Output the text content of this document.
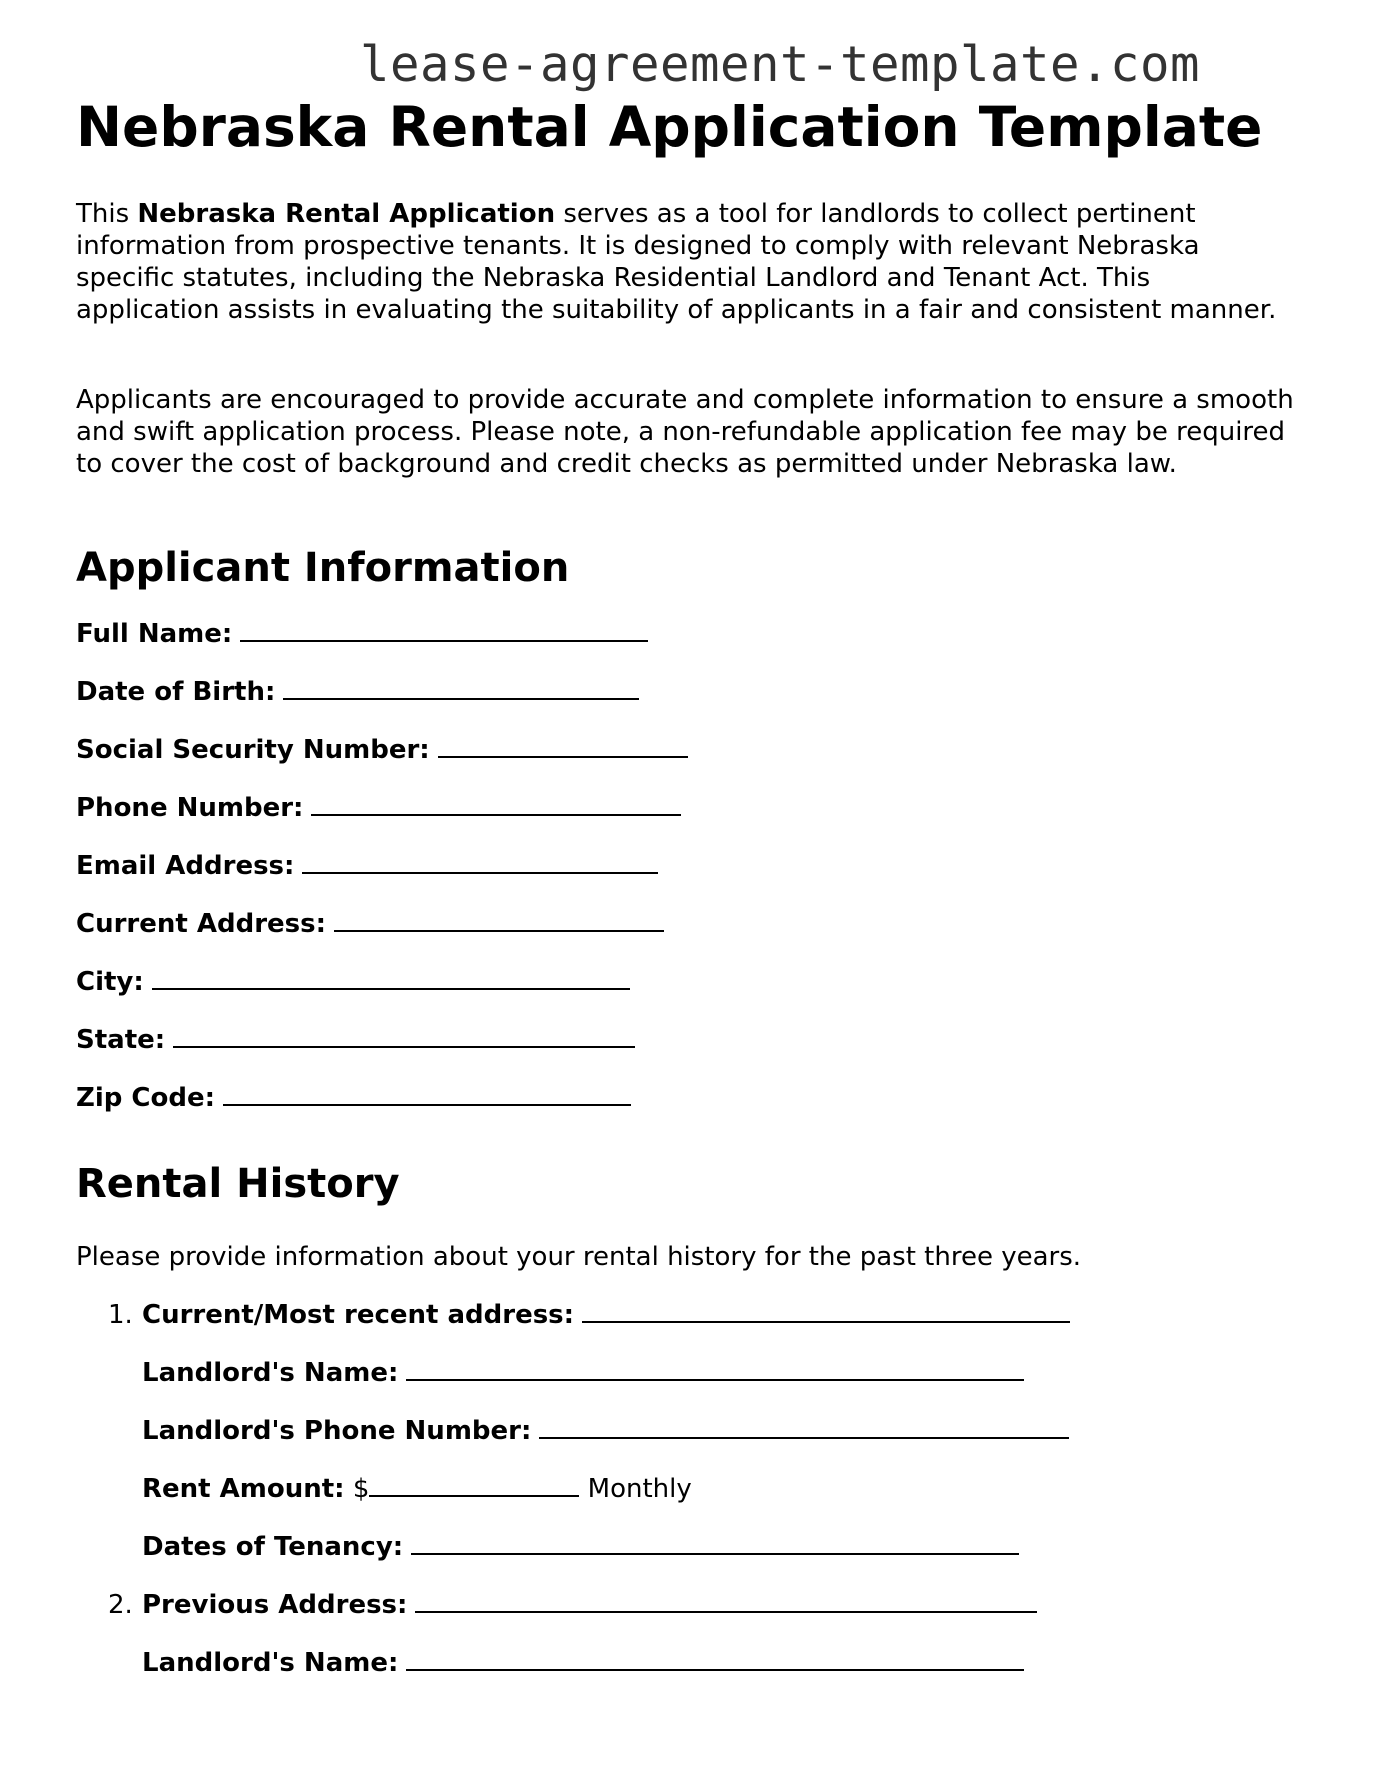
lease-agreement-template.com
Nebraska Rental Application Template

This Nebraska Rental Application serves as a tool for landlords to collect pertinent information from prospective tenants. It is designed to comply with relevant Nebraska specific statutes, including the Nebraska Residential Landlord and Tenant Act. This application assists in evaluating the suitability of applicants in a fair and consistent manner.

Applicants are encouraged to provide accurate and complete information to ensure a smooth and swift application process. Please note, a non-refundable application fee may be required to cover the cost of background and credit checks as permitted under Nebraska law.

Applicant Information
Full Name:
Date of Birth:
Social Security Number:
Phone Number:
Email Address:
Current Address:
City:
State:
Zip Code:
Rental History

Please provide information about your rental history for the past three years.

1. Current/Most recent address:
Landlord's Name:
Landlord's Phone Number:
Rent Amount: $	Monthly
Dates of Tenancy:
2. Previous Address:
Landlord's Name:
